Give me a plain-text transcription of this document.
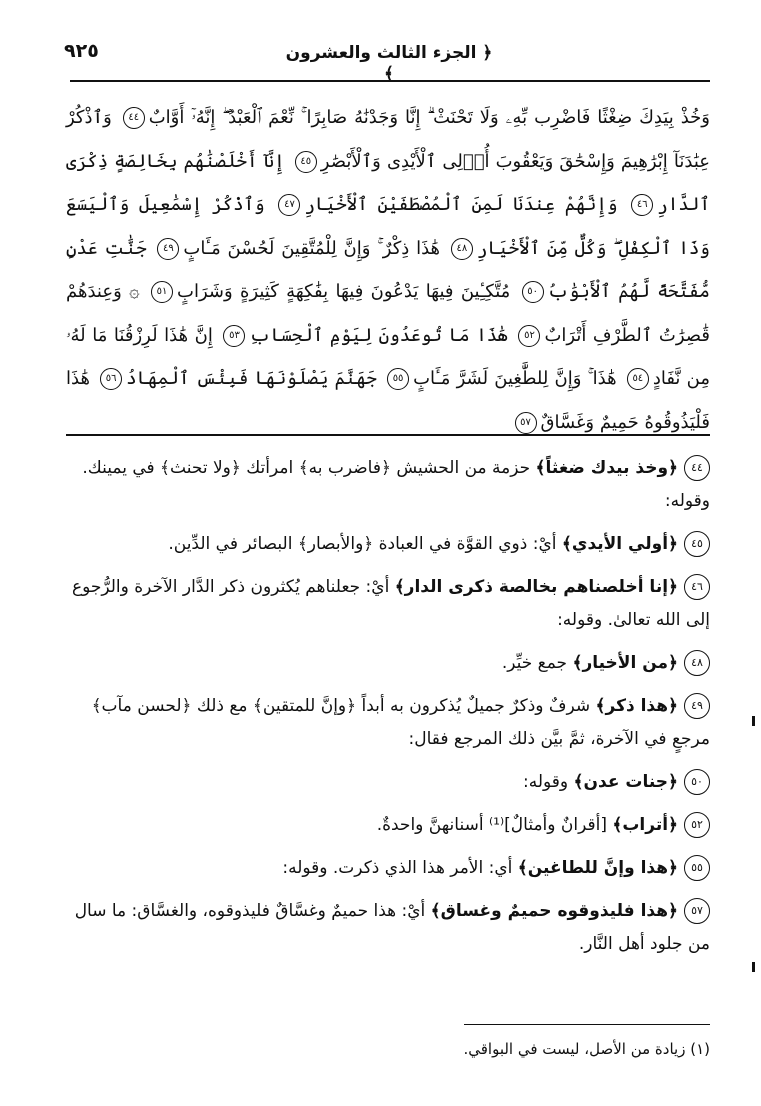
﴿ الجزء الثالث والعشرون ﴾
٩٢٥
وَخُذْ بِيَدِكَ ضِغْثًا فَاضْرِب بِّهِۦ وَلَا تَحْنَثْ ۗ إِنَّا وَجَدْنَٰهُ صَابِرًا ۚ نِّعْمَ ٱلْعَبْدُ ۖ إِنَّهُۥٓ أَوَّابٌ٤٤ وَٱذْكُرْ عِبَٰدَنَآ إِبْرَٰهِيمَ وَإِسْحَٰقَ وَيَعْقُوبَ أُو۟لِى ٱلْأَيْدِى وَٱلْأَبْصَٰرِ٤٥ إِنَّآ أَخْلَصْنَٰهُم بِخَالِصَةٍ ذِكْرَى ٱلدَّارِ٤٦ وَإِنَّهُمْ عِندَنَا لَمِنَ ٱلْمُصْطَفَيْنَ ٱلْأَخْيَارِ٤٧ وَٱذْكُرْ إِسْمَٰعِيلَ وَٱلْيَسَعَ وَذَا ٱلْكِفْلِ ۖ وَكُلٌّ مِّنَ ٱلْأَخْيَارِ٤٨ هَٰذَا ذِكْرٌ ۚ وَإِنَّ لِلْمُتَّقِينَ لَحُسْنَ مَـَٔابٍ٤٩ جَنَّٰتِ عَدْنٍ مُّفَتَّحَةً لَّهُمُ ٱلْأَبْوَٰبُ٥٠ مُتَّكِـِٔينَ فِيهَا يَدْعُونَ فِيهَا بِفَٰكِهَةٍ كَثِيرَةٍ وَشَرَابٍ٥١ ۞ وَعِندَهُمْ قَٰصِرَٰتُ ٱلطَّرْفِ أَتْرَابٌ٥٢ هَٰذَا مَا تُوعَدُونَ لِيَوْمِ ٱلْحِسَابِ٥٣ إِنَّ هَٰذَا لَرِزْقُنَا مَا لَهُۥ مِن نَّفَادٍ٥٤ هَٰذَا ۚ وَإِنَّ لِلطَّٰغِينَ لَشَرَّ مَـَٔابٍ٥٥ جَهَنَّمَ يَصْلَوْنَهَا فَبِئْسَ ٱلْمِهَادُ٥٦ هَٰذَا فَلْيَذُوقُوهُ حَمِيمٌ وَغَسَّاقٌ٥٧
٤٤﴿وخذ بيدك ضغثاً﴾ حزمة من الحشيش ﴿فاضرب به﴾ امرأتك ﴿ولا تحنث﴾ في يمينك. وقوله:
٤٥﴿أولي الأيدي﴾ أيْ: ذوي القوَّة في العبادة ﴿والأبصار﴾ البصائر في الدِّين.
٤٦﴿إنا أخلصناهم بخالصة ذكرى الدار﴾ أيْ: جعلناهم يُكثرون ذكر الدَّار الآخرة والرُّجوع إلى الله تعالىٰ. وقوله:
٤٨﴿من الأخيار﴾ جمع خيِّر.
٤٩﴿هذا ذكر﴾ شرفٌ وذكرٌ جميلٌ يُذكرون به أبداً ﴿وإنَّ للمتقين﴾ مع ذلك ﴿لحسن مآب﴾ مرجعٍ في الآخرة، ثمَّ بيَّن ذلك المرجع فقال:
٥٠﴿جنات عدن﴾ وقوله:
٥٢﴿أتراب﴾ [أقرانٌ وأمثالٌ]⁽¹⁾ أسنانهنَّ واحدةٌ.
٥٥﴿هذا وإنَّ للطاغين﴾ أي: الأمر هذا الذي ذكرت. وقوله:
٥٧﴿هذا فليذوقوه حميمٌ وغساق﴾ أيْ: هذا حميمٌ وغسَّاقٌ فليذوقوه، والغسَّاق: ما سال من جلود أهل النَّار.
(١) زيادة من الأصل، ليست في البواقي.
